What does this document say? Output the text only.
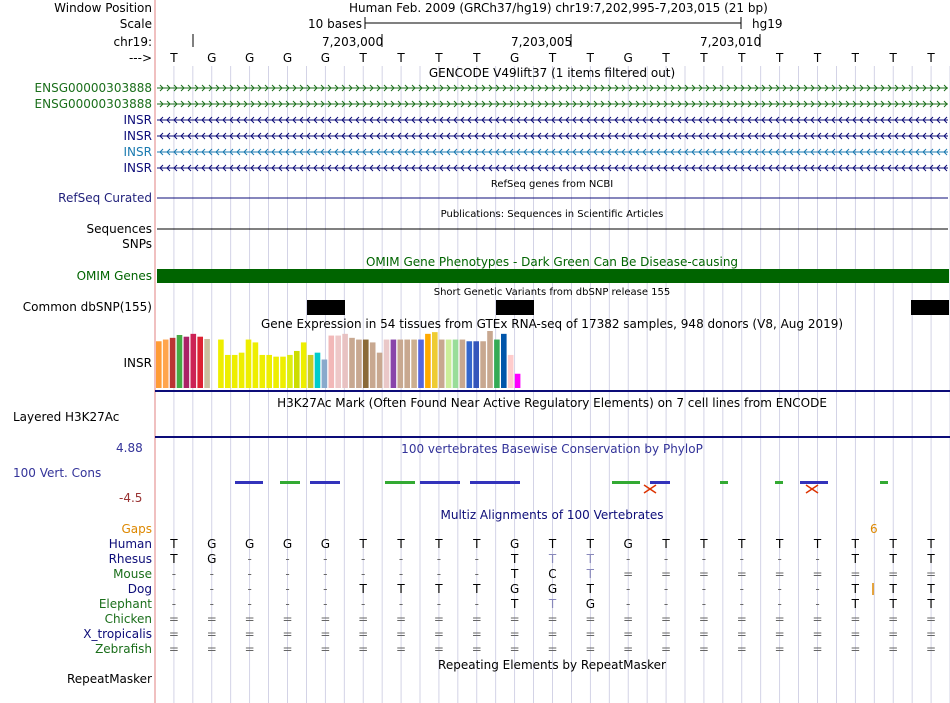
Window Position	Human Feb. 2009 (GRCh37/hg19) chr19:7,202,995-7,203,015 (21 bp)
Scale	10 bases	hg19
chr19:	7,203,000	7,203,005	7,203,010
--->	T	G	G	G	G	T	T	T	T	G	T	T	G	T	T	T	T	T	T	T	T
GENCODE V49lift37 (1 items filtered out)
ENSG00000303888
ENSG00000303888
INSR
INSR
INSR
INSR
RefSeq genes from NCBI
RefSeq Curated
Publications: Sequences in Scientific Articles
Sequences
SNPs
OMIM Gene Phenotypes - Dark Green Can Be Disease-causing
OMIM Genes
Short Genetic Variants from dbSNP release 155
Common dbSNP(155)
Gene Expression in 54 tissues from GTEx RNA-seq of 17382 samples, 948 donors (V8, Aug 2019)
INSR
H3K27Ac Mark (Often Found Near Active Regulatory Elements) on 7 cell lines from ENCODE
Layered H3K27Ac
100 vertebrates Basewise Conservation by PhyloP
4.88
100 Vert. Cons
-4.5
Multiz Alignments of 100 Vertebrates
Gaps	6
Human	T	G	G	G	G	T	T	T	T	G	T	T	G	T	T	T	T	T	T	T	T
Rhesus	T	G	-	-	-	-	-	-	-	T	T	T	-	-	-	-	-	-	T	T	T
Mouse	-	-	-	-	-	-	-	-	-	T	C	T	=	=	=	=	=	=	=	=	=
Dog	-	-	-	-	-	T	T	T	T	G	G	T	-	-	-	-	-	-	T	T	T
Elephant	-	-	-	-	-	-	-	-	-	T	T	G	-	-	-	-	-	-	T	T	T
Chicken	=	=	=	=	=	=	=	=	=	=	=	=	=	=	=	=	=	=	=	=	=
X_tropicalis	=	=	=	=	=	=	=	=	=	=	=	=	=	=	=	=	=	=	=	=	=
Zebrafish	=	=	=	=	=	=	=	=	=	=	=	=	=	=	=	=	=	=	=	=	=
Repeating Elements by RepeatMasker
RepeatMasker
